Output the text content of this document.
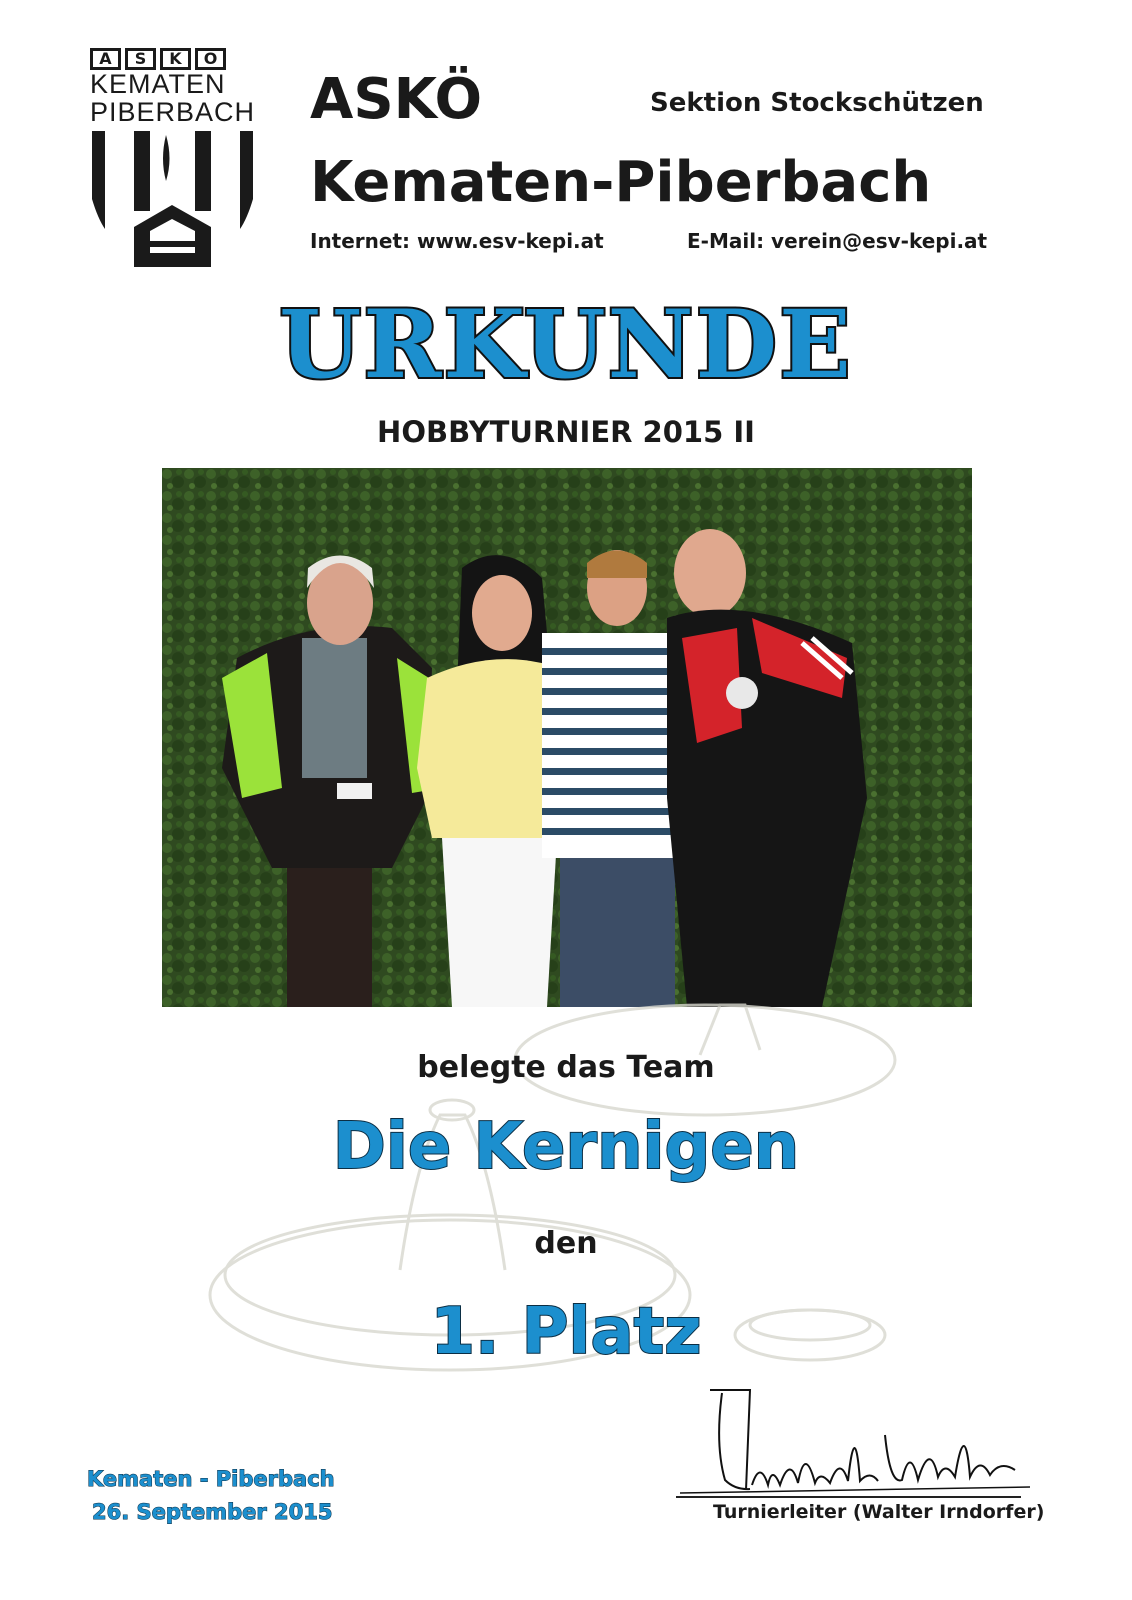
A	S	K	Ö
KEMATEN
PIBERBACH ASKÖ	Sektion Stockschützen
Kematen-Piberbach
Internet: www.esv-kepi.at	E-Mail: verein@esv-kepi.at
URKUNDE
HOBBYTURNIER 2015 II
belegte das Team
Die Kernigen
den
1. Platz
Kematen - Piberbach
26. September 2015	Turnierleiter (Walter Irndorfer)
